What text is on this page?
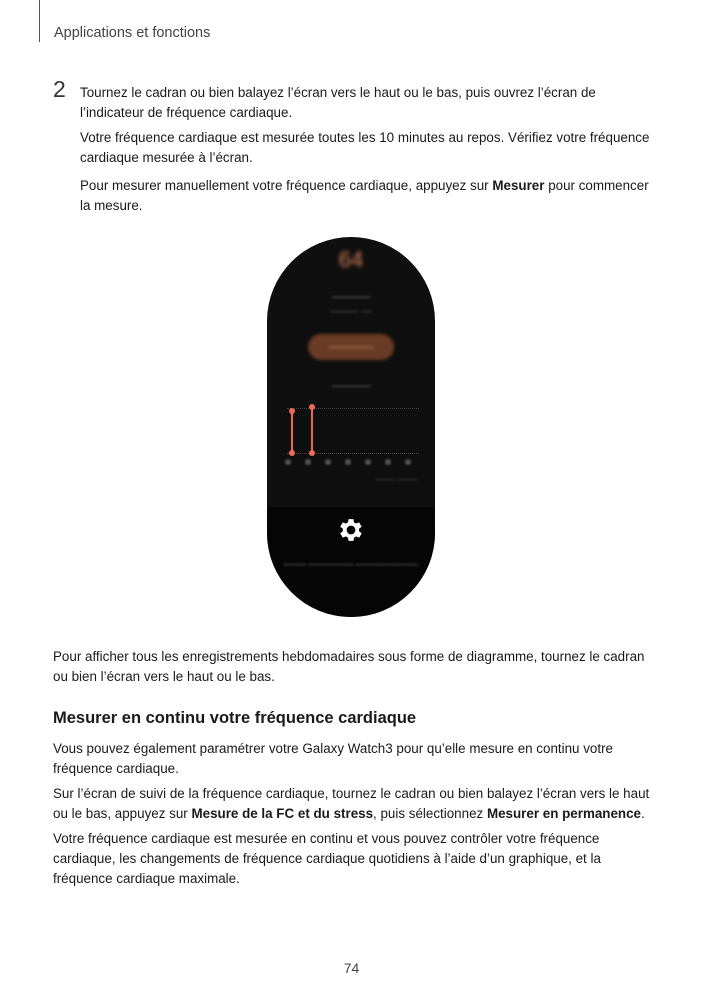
Applications et fonctions
2 Tournez le cadran ou bien balayez l’écran vers le haut ou le bas, puis ouvrez l’écran de l’indicateur de fréquence cardiaque.
Votre fréquence cardiaque est mesurée toutes les 10 minutes au repos. Vérifiez votre fréquence cardiaque mesurée à l’écran.
Pour mesurer manuellement votre fréquence cardiaque, appuyez sur Mesurer pour commencer la mesure.
64
──────
───── ──
───────
──────
──── ────
──── ──────── ───────────
Pour afficher tous les enregistrements hebdomadaires sous forme de diagramme, tournez le cadran ou bien l’écran vers le haut ou le bas.
Mesurer en continu votre fréquence cardiaque
Vous pouvez également paramétrer votre Galaxy Watch3 pour qu’elle mesure en continu votre fréquence cardiaque.
Sur l’écran de suivi de la fréquence cardiaque, tournez le cadran ou bien balayez l’écran vers le haut ou le bas, appuyez sur Mesure de la FC et du stress, puis sélectionnez Mesurer en permanence.
Votre fréquence cardiaque est mesurée en continu et vous pouvez contrôler votre fréquence cardiaque, les changements de fréquence cardiaque quotidiens à l’aide d’un graphique, et la fréquence cardiaque maximale.
74
